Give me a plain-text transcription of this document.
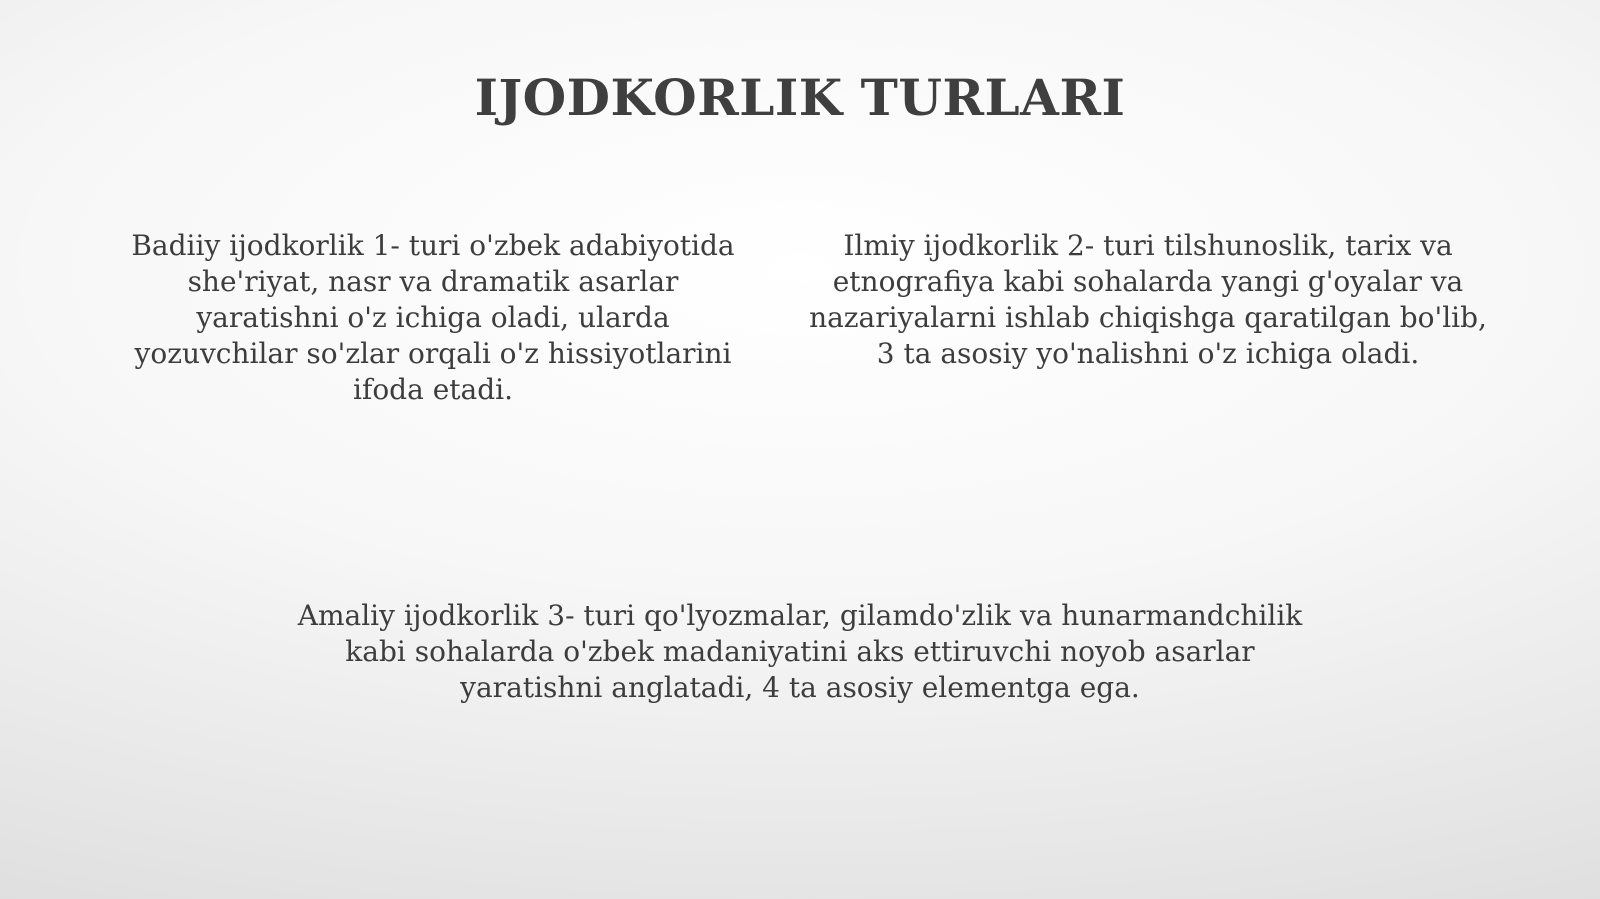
IJODKORLIK TURLARI

Badiiy ijodkorlik 1- turi o'zbek adabiyotida she'riyat, nasr va dramatik asarlar yaratishni o'z ichiga oladi, ularda yozuvchilar so'zlar orqali o'z hissiyotlarini ifoda etadi.

Ilmiy ijodkorlik 2- turi tilshunoslik, tarix va etnografiya kabi sohalarda yangi g'oyalar va nazariyalarni ishlab chiqishga qaratilgan bo'lib, 3 ta asosiy yo'nalishni o'z ichiga oladi.

Amaliy ijodkorlik 3- turi qo'lyozmalar, gilamdo'zlik va hunarmandchilik kabi sohalarda o'zbek madaniyatini aks ettiruvchi noyob asarlar yaratishni anglatadi, 4 ta asosiy elementga ega.
